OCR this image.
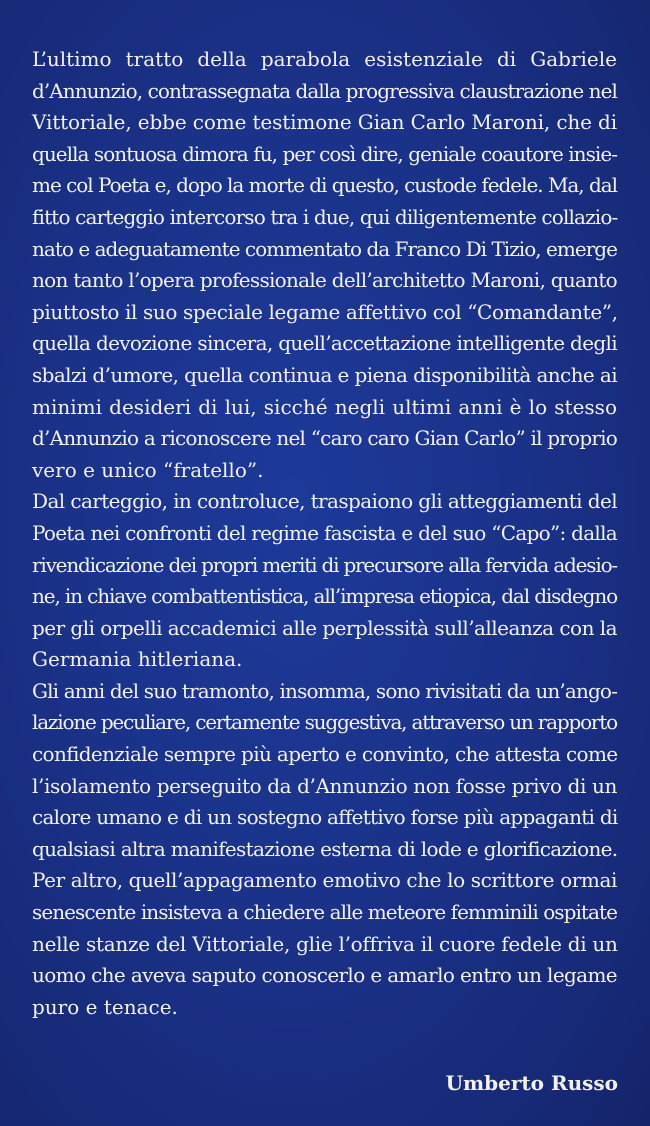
L’ultimo tratto della parabola esistenziale di Gabriele
d’Annunzio, contrassegnata dalla progressiva claustrazione nel
Vittoriale, ebbe come testimone Gian Carlo Maroni, che di
quella sontuosa dimora fu, per così dire, geniale coautore insie-
me col Poeta e, dopo la morte di questo, custode fedele. Ma, dal
fitto carteggio intercorso tra i due, qui diligentemente collazio-
nato e adeguatamente commentato da Franco Di Tizio, emerge
non tanto l’opera professionale dell’architetto Maroni, quanto
piuttosto il suo speciale legame affettivo col “Comandante”,
quella devozione sincera, quell’accettazione intelligente degli
sbalzi d’umore, quella continua e piena disponibilità anche ai
minimi desideri di lui, sicché negli ultimi anni è lo stesso
d’Annunzio a riconoscere nel “caro caro Gian Carlo” il proprio
vero e unico “fratello”.
Dal carteggio, in controluce, traspaiono gli atteggiamenti del
Poeta nei confronti del regime fascista e del suo “Capo”: dalla
rivendicazione dei propri meriti di precursore alla fervida adesio-
ne, in chiave combattentistica, all’impresa etiopica, dal disdegno
per gli orpelli accademici alle perplessità sull’alleanza con la
Germania hitleriana.
Gli anni del suo tramonto, insomma, sono rivisitati da un’ango-
lazione peculiare, certamente suggestiva, attraverso un rapporto
confidenziale sempre più aperto e convinto, che attesta come
l’isolamento perseguito da d’Annunzio non fosse privo di un
calore umano e di un sostegno affettivo forse più appaganti di
qualsiasi altra manifestazione esterna di lode e glorificazione.
Per altro, quell’appagamento emotivo che lo scrittore ormai
senescente insisteva a chiedere alle meteore femminili ospitate
nelle stanze del Vittoriale, glie l’offriva il cuore fedele di un
uomo che aveva saputo conoscerlo e amarlo entro un legame
puro e tenace.
Umberto Russo
